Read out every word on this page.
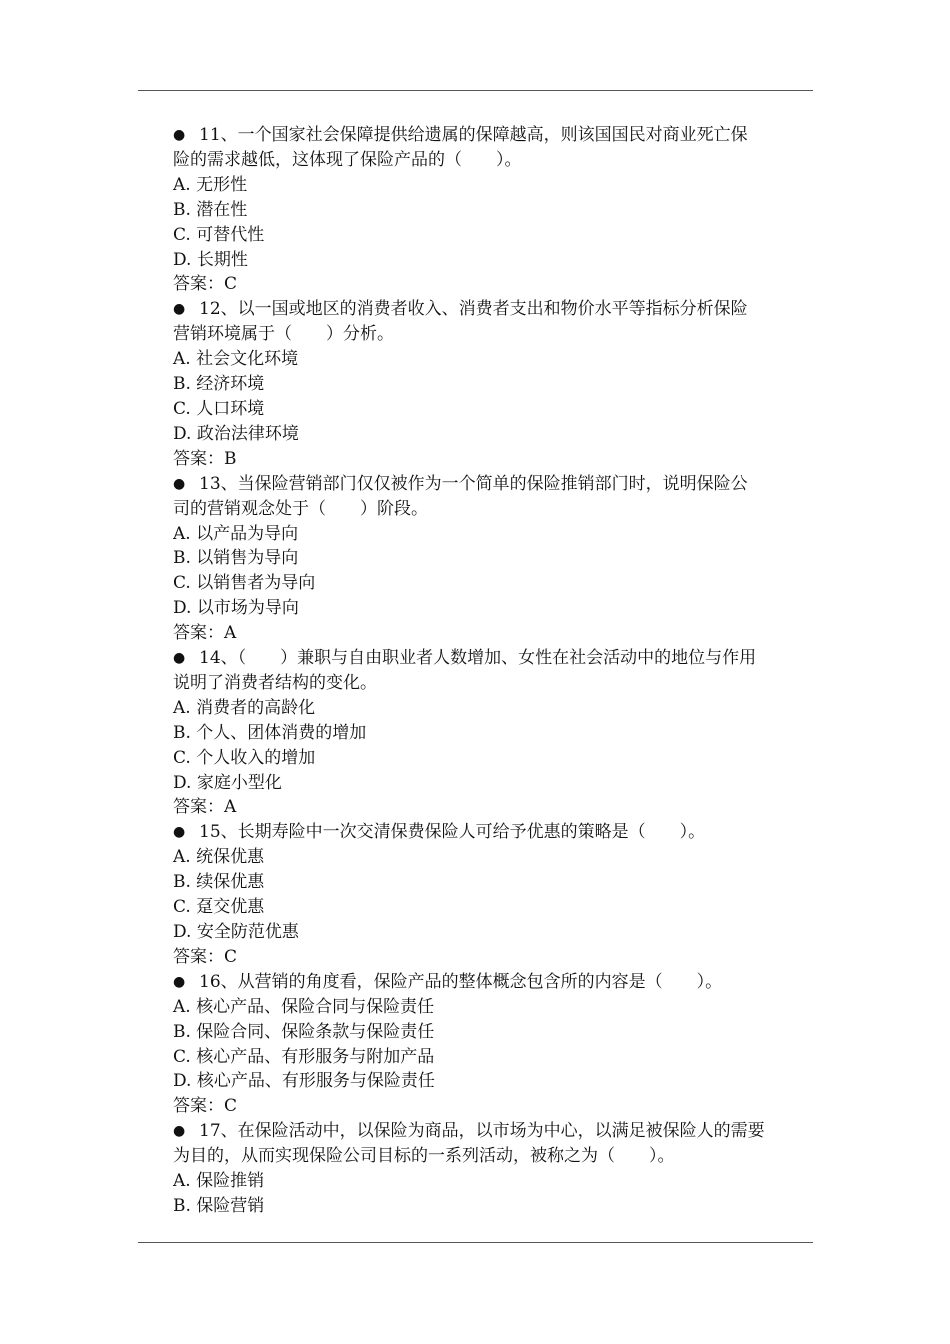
● 11、一个国家社会保障提供给遗属的保障越高，则该国国民对商业死亡保
险的需求越低，这体现了保险产品的（　　）。
A. 无形性
B. 潜在性
C. 可替代性
D. 长期性
答案：C
● 12、以一国或地区的消费者收入、消费者支出和物价水平等指标分析保险
营销环境属于（　　）分析。
A. 社会文化环境
B. 经济环境
C. 人口环境
D. 政治法律环境
答案：B
● 13、当保险营销部门仅仅被作为一个简单的保险推销部门时，说明保险公
司的营销观念处于（　　）阶段。
A. 以产品为导向
B. 以销售为导向
C. 以销售者为导向
D. 以市场为导向
答案：A
● 14、（　　）兼职与自由职业者人数增加、女性在社会活动中的地位与作用
说明了消费者结构的变化。
A. 消费者的高龄化
B. 个人、团体消费的增加
C. 个人收入的增加
D. 家庭小型化
答案：A
● 15、长期寿险中一次交清保费保险人可给予优惠的策略是（　　）。
A. 统保优惠
B. 续保优惠
C. 趸交优惠
D. 安全防范优惠
答案：C
● 16、从营销的角度看，保险产品的整体概念包含所的内容是（　　）。
A. 核心产品、保险合同与保险责任
B. 保险合同、保险条款与保险责任
C. 核心产品、有形服务与附加产品
D. 核心产品、有形服务与保险责任
答案：C
● 17、在保险活动中，以保险为商品，以市场为中心，以满足被保险人的需要
为目的，从而实现保险公司目标的一系列活动，被称之为（　　）。
A. 保险推销
B. 保险营销
